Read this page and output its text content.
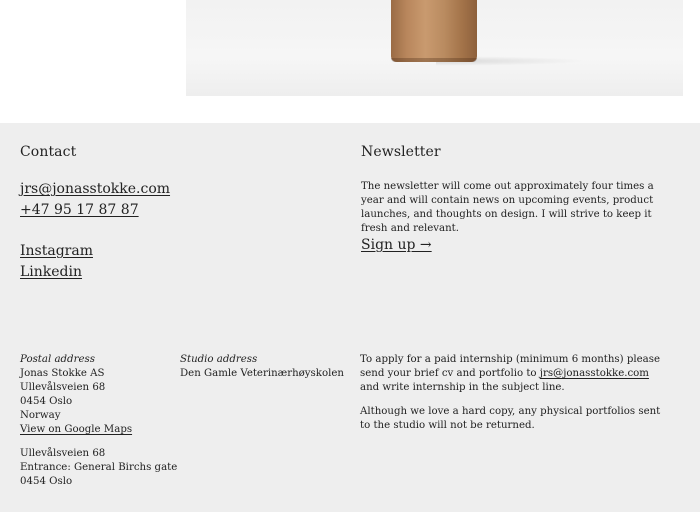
Contact
jrs@jonasstokke.com
+47 95 17 87 87
Instagram
Linkedin
Newsletter
The newsletter will come out approximately four times a year and will contain news on upcoming events, product launches, and thoughts on design. I will strive to keep it fresh and relevant.
Sign up →
Postal address
Jonas Stokke AS
Ullevålsveien 68
0454 Oslo
Norway
View on Google Maps
Ullevålsveien 68
Entrance: General Birchs gate
0454 Oslo
Studio address
Den Gamle Veterinærhøyskolen

To apply for a paid internship (minimum 6 months) please send your brief cv and portfolio to jrs@jonasstokke.com and write internship in the subject line.

Although we love a hard copy, any physical portfolios sent to the studio will not be returned.
